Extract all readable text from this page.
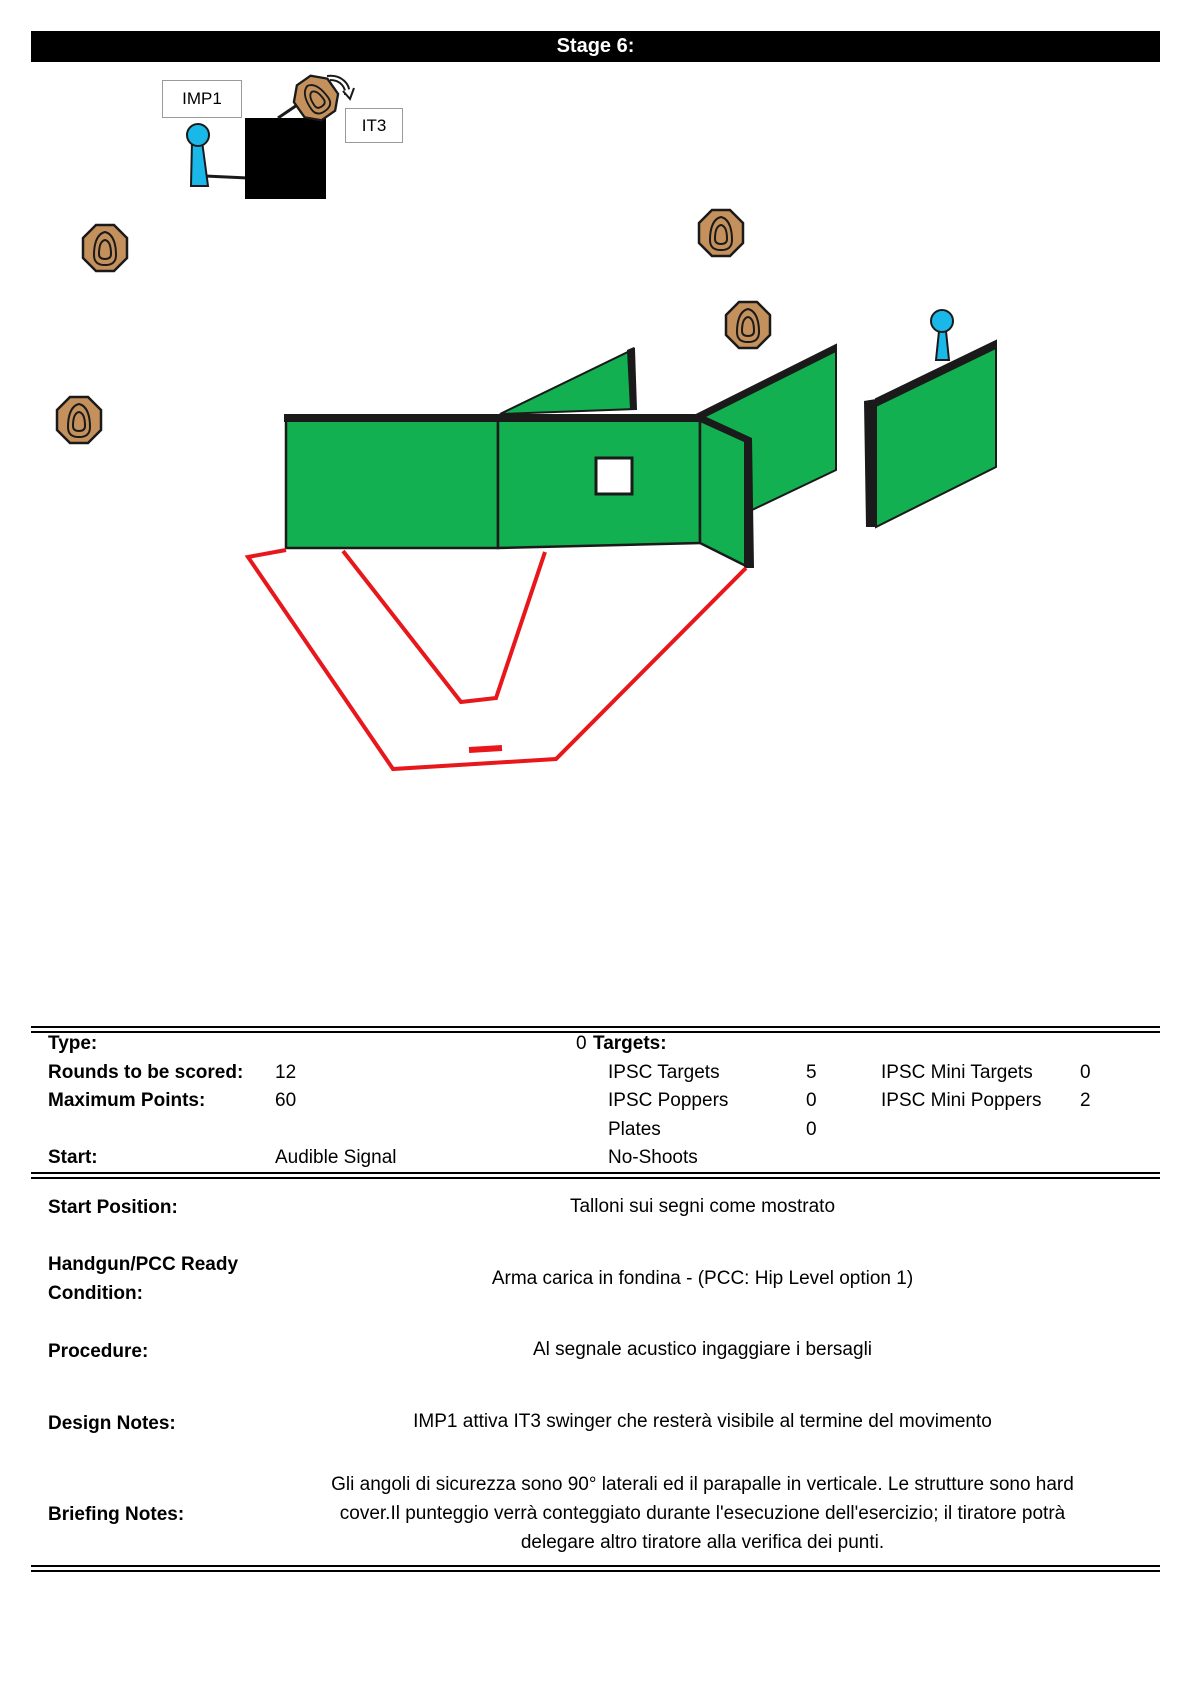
Stage 6:
IMP1
IT3
Type:	0 Targets:
Rounds to be scored: 12	IPSC Targets	5	IPSC Mini Targets 0
Maximum Points:	60	IPSC Poppers	0	IPSC Mini Poppers 2
Plates	0
Start:	Audible Signal	No-Shoots
Start Position:	Talloni sui segni come mostrato
Handgun/PCC Ready
Condition:
Arma carica in fondina - (PCC: Hip Level option 1)
Procedure:	Al segnale acustico ingaggiare i bersagli
Design Notes:	IMP1 attiva IT3 swinger che resterà visibile al termine del movimento
Briefing Notes:
Gli angoli di sicurezza sono 90° laterali ed il parapalle in verticale. Le strutture sono hard
cover.Il punteggio verrà conteggiato durante l'esecuzione dell'esercizio; il tiratore potrà
delegare altro tiratore alla verifica dei punti.
